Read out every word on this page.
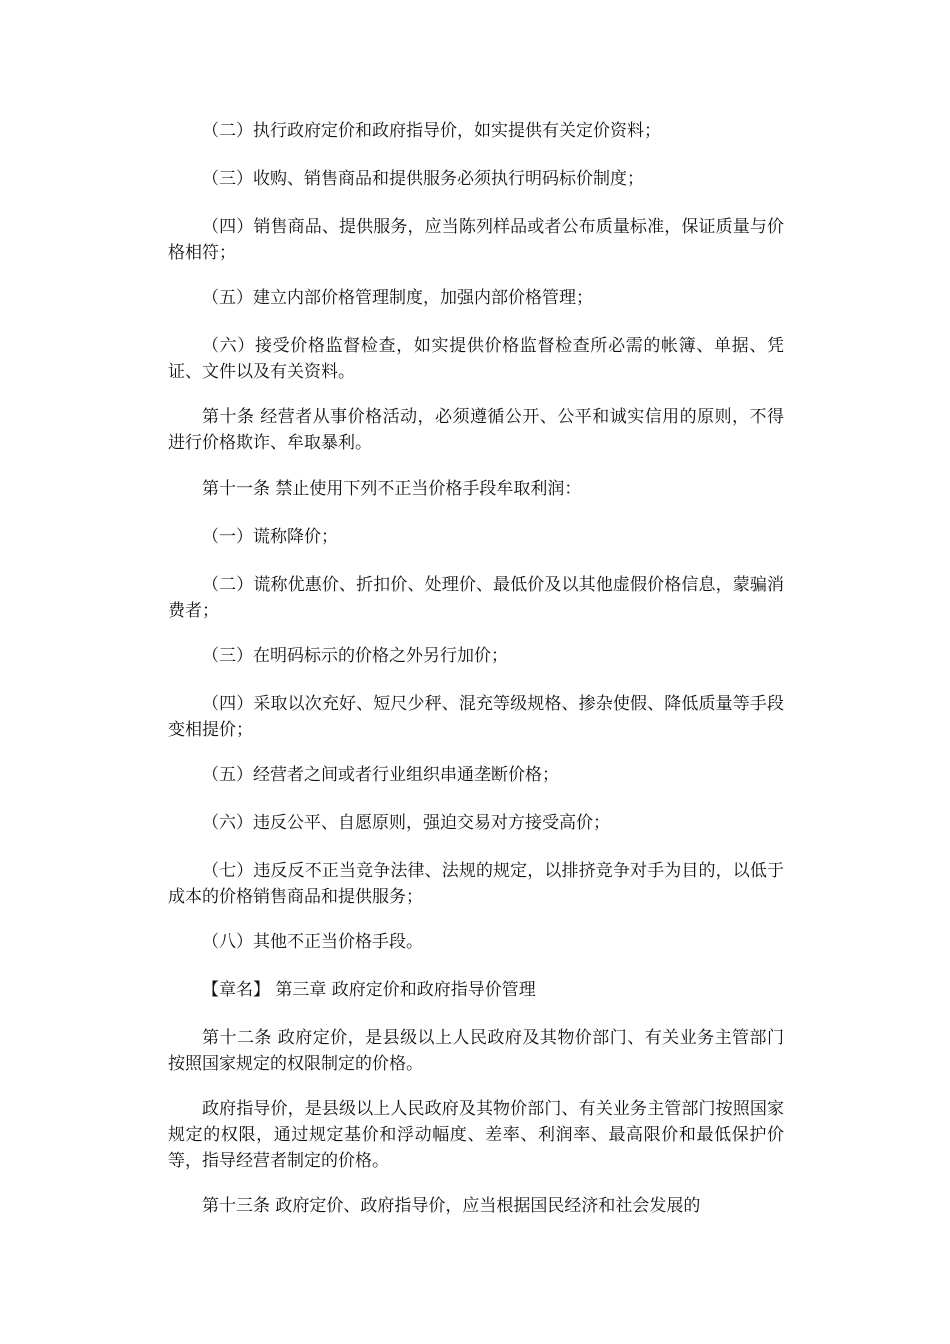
（二）执行政府定价和政府指导价，如实提供有关定价资料；

（三）收购、销售商品和提供服务必须执行明码标价制度；

（四）销售商品、提供服务，应当陈列样品或者公布质量标准，保证质量与价格相符；

（五）建立内部价格管理制度，加强内部价格管理；

（六）接受价格监督检查，如实提供价格监督检查所必需的帐簿、单据、凭证、文件以及有关资料。

第十条 经营者从事价格活动，必须遵循公开、公平和诚实信用的原则，不得进行价格欺诈、牟取暴利。

第十一条 禁止使用下列不正当价格手段牟取利润：

（一）谎称降价；

（二）谎称优惠价、折扣价、处理价、最低价及以其他虚假价格信息，蒙骗消费者；

（三）在明码标示的价格之外另行加价；

（四）采取以次充好、短尺少秤、混充等级规格、掺杂使假、降低质量等手段变相提价；

（五）经营者之间或者行业组织串通垄断价格；

（六）违反公平、自愿原则，强迫交易对方接受高价；

（七）违反反不正当竞争法律、法规的规定，以排挤竞争对手为目的，以低于成本的价格销售商品和提供服务；

（八）其他不正当价格手段。

【章名】 第三章 政府定价和政府指导价管理

第十二条 政府定价，是县级以上人民政府及其物价部门、有关业务主管部门按照国家规定的权限制定的价格。

政府指导价，是县级以上人民政府及其物价部门、有关业务主管部门按照国家规定的权限，通过规定基价和浮动幅度、差率、利润率、最高限价和最低保护价等，指导经营者制定的价格。

第十三条 政府定价、政府指导价，应当根据国民经济和社会发展的
